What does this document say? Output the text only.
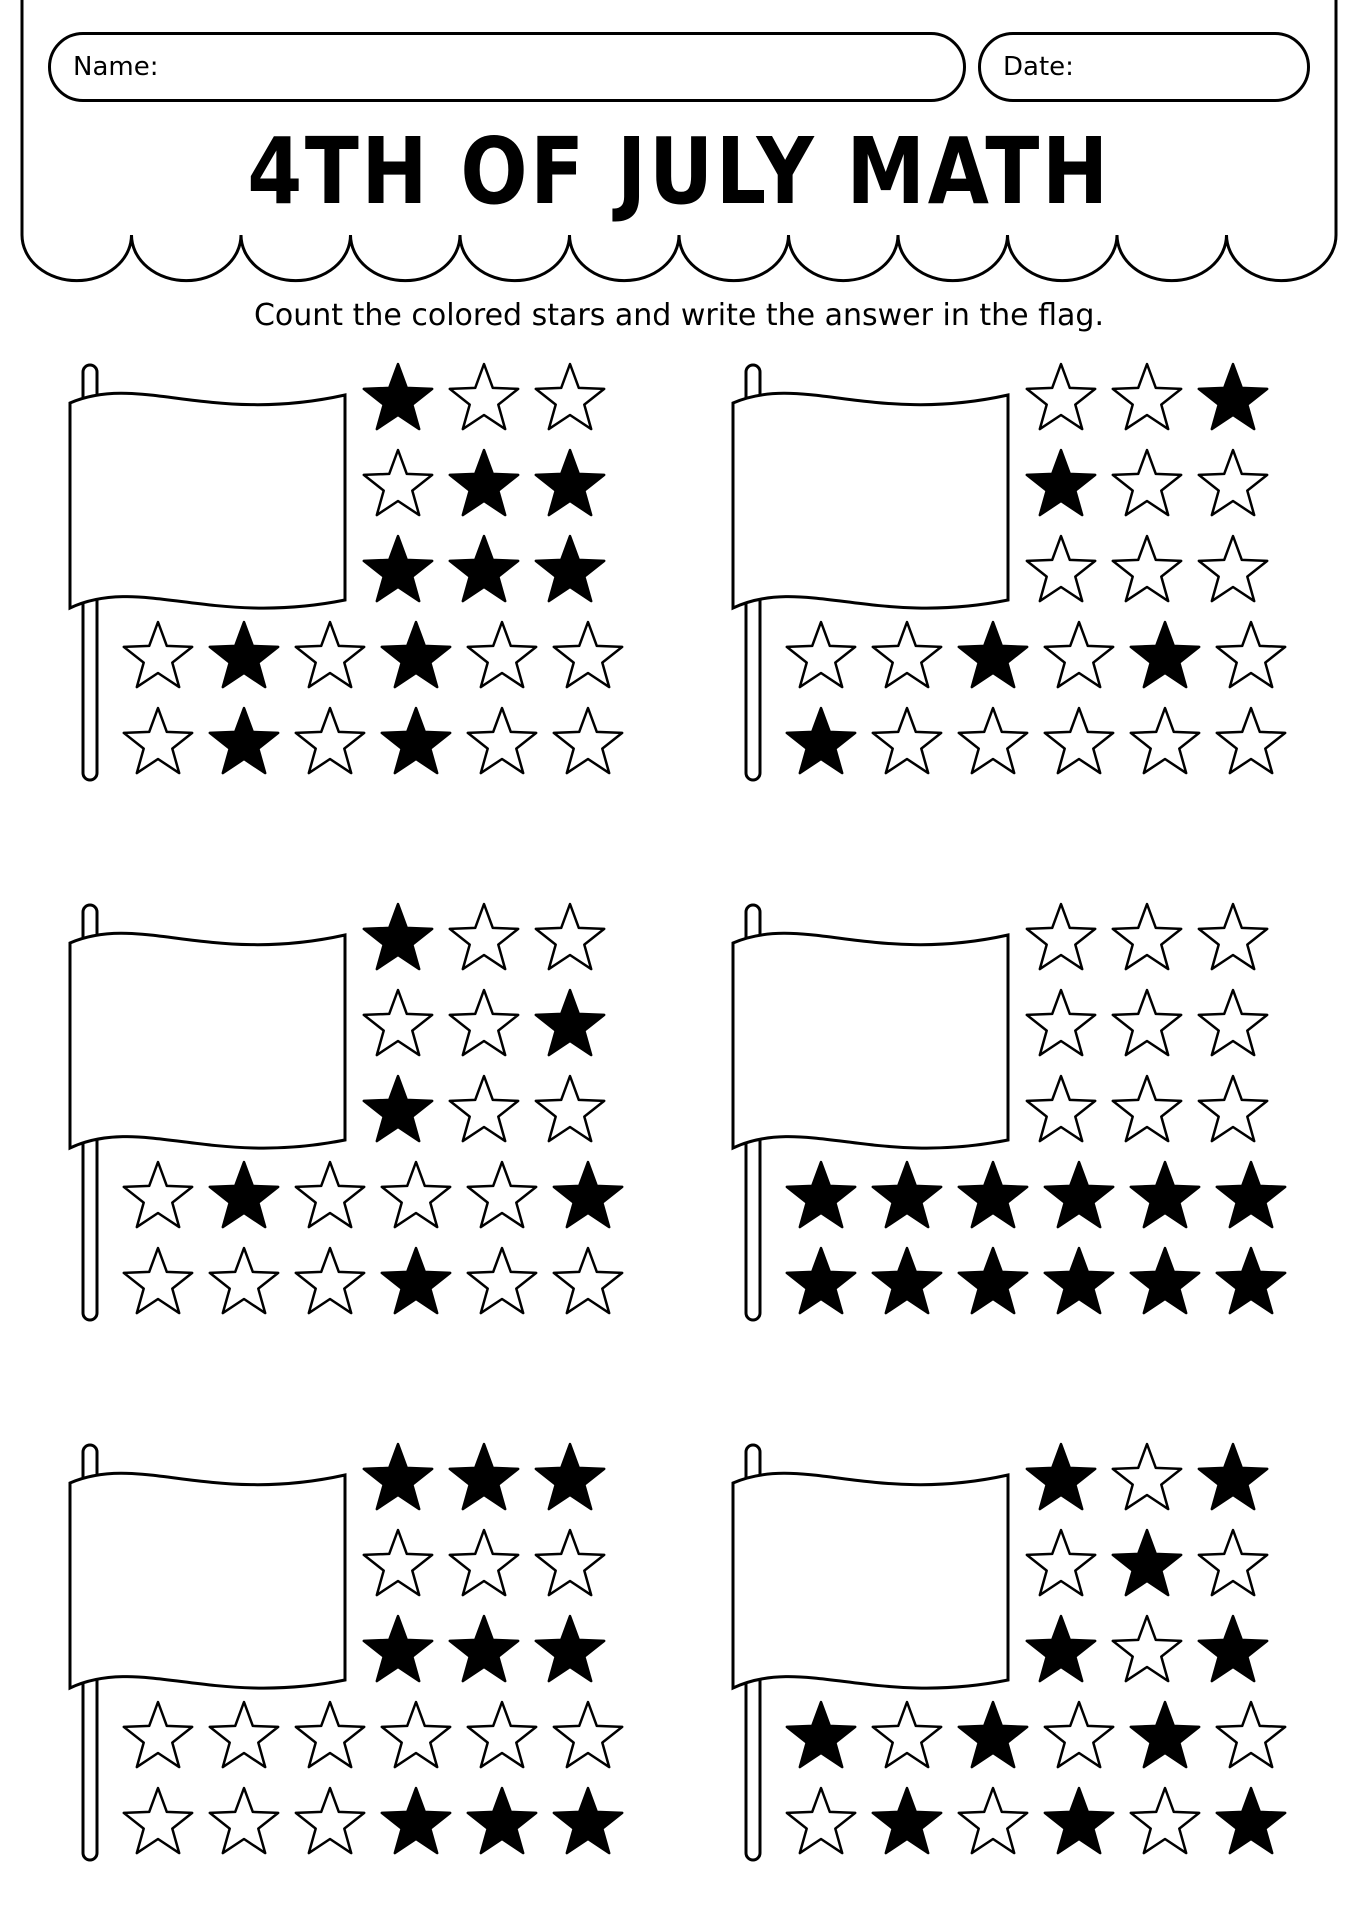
Name:	Date:
4TH OF JULY MATH
Count the colored stars and write the answer in the flag.
